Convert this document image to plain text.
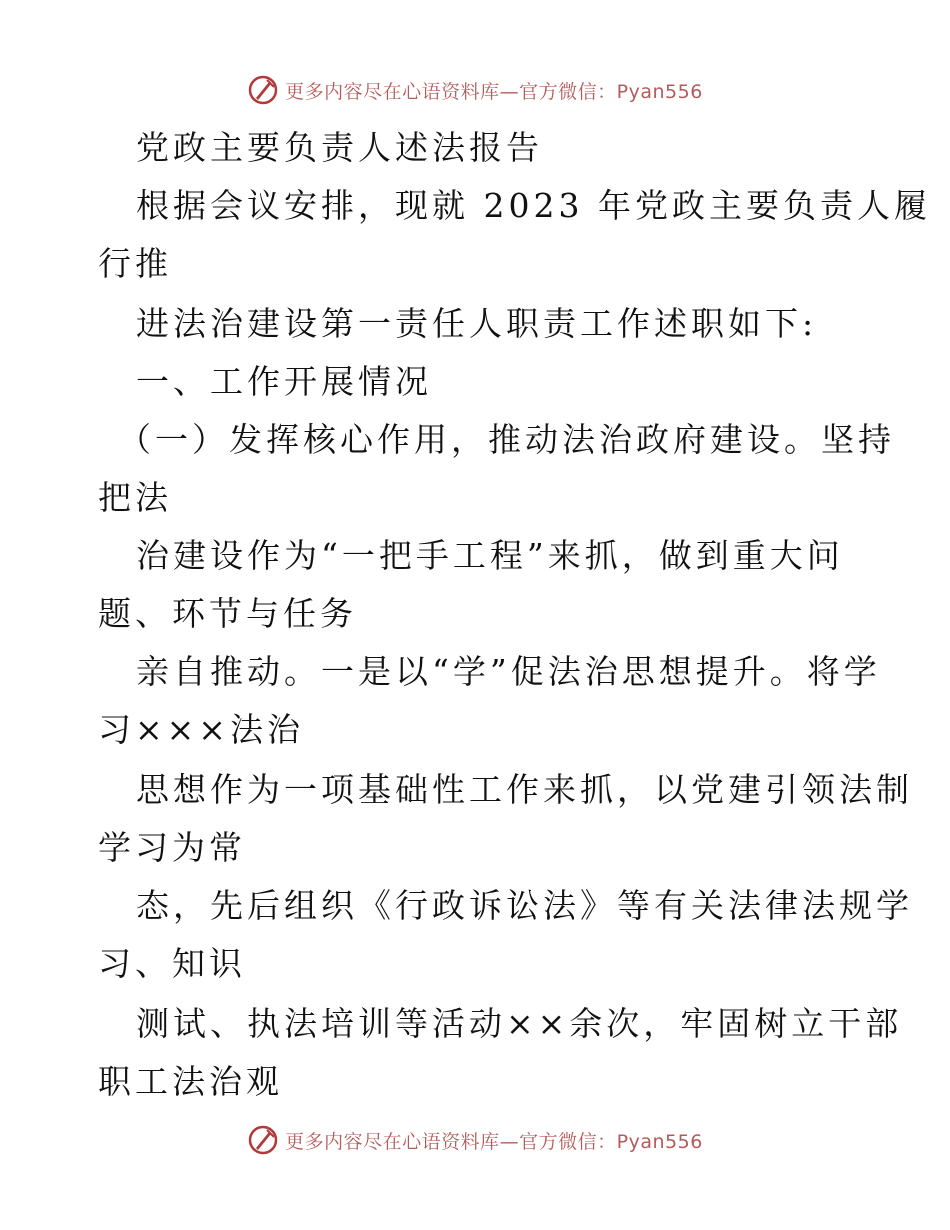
更多内容尽在心语资料库—官方微信：Pyan556
党政主要负责人述法报告
根据会议安排，现就 2023 年党政主要负责人履
行推
进法治建设第一责任人职责工作述职如下:
一、工作开展情况
（一）发挥核心作用，推动法治政府建设。坚持
把法
治建设作为“一把手工程”来抓，做到重大问
题、环节与任务
亲自推动。一是以“学”促法治思想提升。将学
习×××法治
思想作为一项基础性工作来抓，以党建引领法制
学习为常
态，先后组织《行政诉讼法》等有关法律法规学
习、知识
测试、执法培训等活动××余次，牢固树立干部
职工法治观
更多内容尽在心语资料库—官方微信：Pyan556
